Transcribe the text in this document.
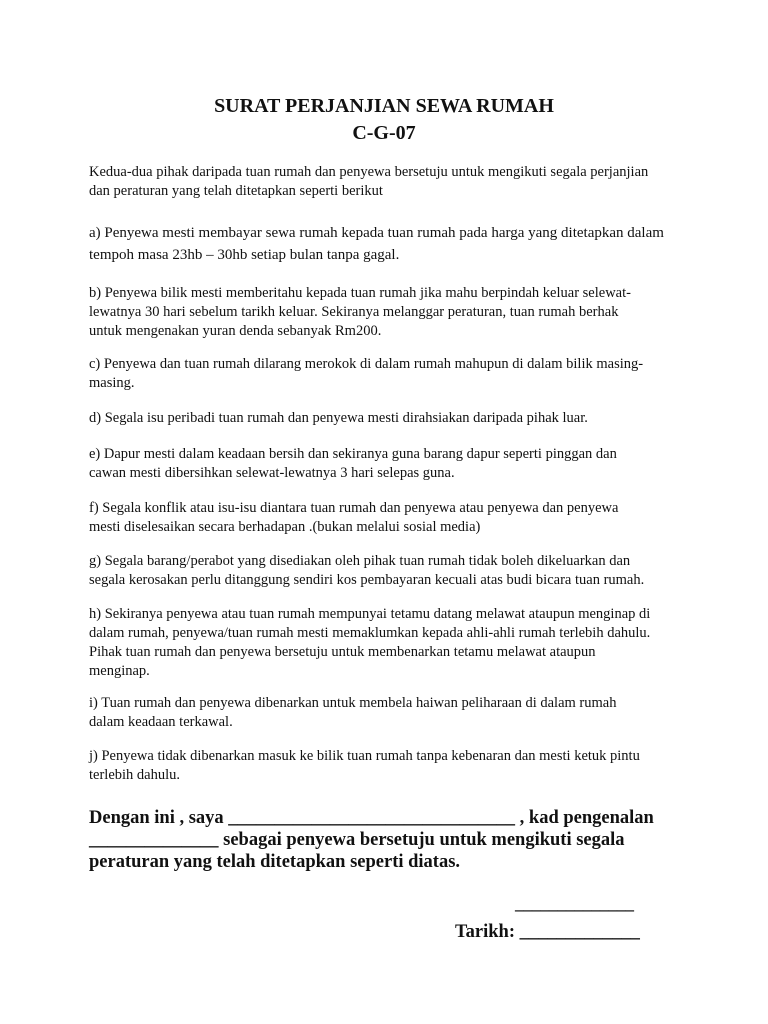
SURAT PERJANJIAN SEWA RUMAH
C-G-07
Kedua-dua pihak daripada tuan rumah dan penyewa bersetuju untuk mengikuti segala perjanjian
dan peraturan yang telah ditetapkan seperti berikut
a) Penyewa mesti membayar sewa rumah kepada tuan rumah pada harga yang ditetapkan dalam
tempoh masa 23hb – 30hb setiap bulan tanpa gagal.
b) Penyewa bilik mesti memberitahu kepada tuan rumah jika mahu berpindah keluar selewat-
lewatnya 30 hari sebelum tarikh keluar. Sekiranya melanggar peraturan, tuan rumah berhak
untuk mengenakan yuran denda sebanyak Rm200.
c) Penyewa dan tuan rumah dilarang merokok di dalam rumah mahupun di dalam bilik masing-
masing.
d) Segala isu peribadi tuan rumah dan penyewa mesti dirahsiakan daripada pihak luar.
e) Dapur mesti dalam keadaan bersih dan sekiranya guna barang dapur seperti pinggan dan
cawan mesti dibersihkan selewat-lewatnya 3 hari selepas guna.
f) Segala konflik atau isu-isu diantara tuan rumah dan penyewa atau penyewa dan penyewa
mesti diselesaikan secara berhadapan .(bukan melalui sosial media)
g) Segala barang/perabot yang disediakan oleh pihak tuan rumah tidak boleh dikeluarkan dan
segala kerosakan perlu ditanggung sendiri kos pembayaran kecuali atas budi bicara tuan rumah.
h) Sekiranya penyewa atau tuan rumah mempunyai tetamu datang melawat ataupun menginap di
dalam rumah, penyewa/tuan rumah mesti memaklumkan kepada ahli-ahli rumah terlebih dahulu.
Pihak tuan rumah dan penyewa bersetuju untuk membenarkan tetamu melawat ataupun
menginap.
i) Tuan rumah dan penyewa dibenarkan untuk membela haiwan peliharaan di dalam rumah
dalam keadaan terkawal.
j) Penyewa tidak dibenarkan masuk ke bilik tuan rumah tanpa kebenaran dan mesti ketuk pintu
terlebih dahulu.
Dengan ini , saya _______________________________ , kad pengenalan
______________ sebagai penyewa bersetuju untuk mengikuti segala
peraturan yang telah ditetapkan seperti diatas.
______________
Tarikh: _____________
